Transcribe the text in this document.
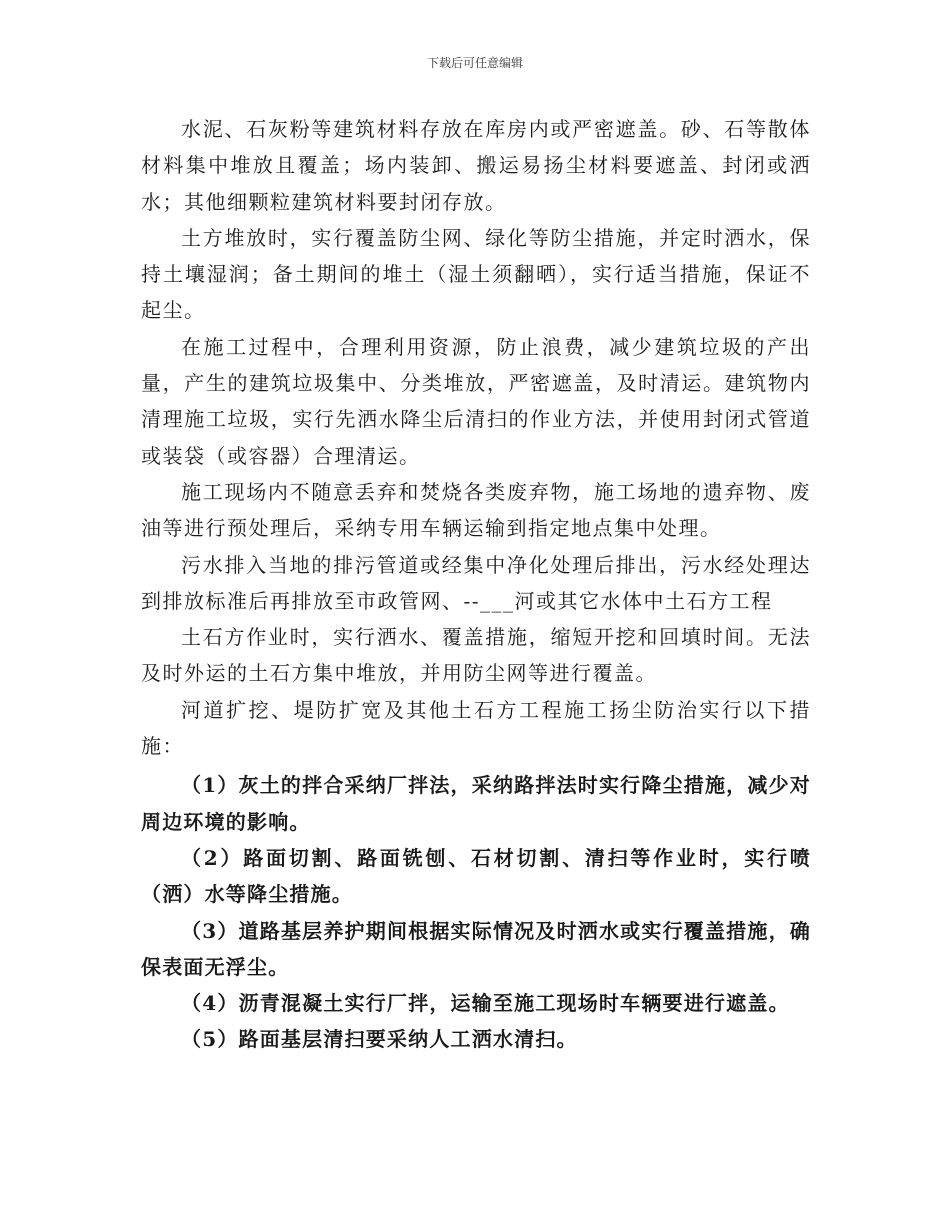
下载后可任意编辑

水泥、石灰粉等建筑材料存放在库房内或严密遮盖。砂、石等散体材料集中堆放且覆盖；场内装卸、搬运易扬尘材料要遮盖、封闭或洒水；其他细颗粒建筑材料要封闭存放。

土方堆放时，实行覆盖防尘网、绿化等防尘措施，并定时洒水，保持土壤湿润；备土期间的堆土（湿土须翻晒），实行适当措施，保证不起尘。

在施工过程中，合理利用资源，防止浪费，减少建筑垃圾的产出量，产生的建筑垃圾集中、分类堆放，严密遮盖，及时清运。建筑物内清理施工垃圾，实行先洒水降尘后清扫的作业方法，并使用封闭式管道或装袋（或容器）合理清运。

施工现场内不随意丢弃和焚烧各类废弃物，施工场地的遗弃物、废油等进行预处理后，采纳专用车辆运输到指定地点集中处理。

污水排入当地的排污管道或经集中净化处理后排出，污水经处理达到排放标准后再排放至市政管网、--___河或其它水体中土石方工程

土石方作业时，实行洒水、覆盖措施，缩短开挖和回填时间。无法及时外运的土石方集中堆放，并用防尘网等进行覆盖。

河道扩挖、堤防扩宽及其他土石方工程施工扬尘防治实行以下措施：

（1）灰土的拌合采纳厂拌法，采纳路拌法时实行降尘措施，减少对周边环境的影响。

（2）路面切割、路面铣刨、石材切割、清扫等作业时，实行喷（洒）水等降尘措施。

（3）道路基层养护期间根据实际情况及时洒水或实行覆盖措施，确保表面无浮尘。

（4）沥青混凝土实行厂拌，运输至施工现场时车辆要进行遮盖。

（5）路面基层清扫要采纳人工洒水清扫。
